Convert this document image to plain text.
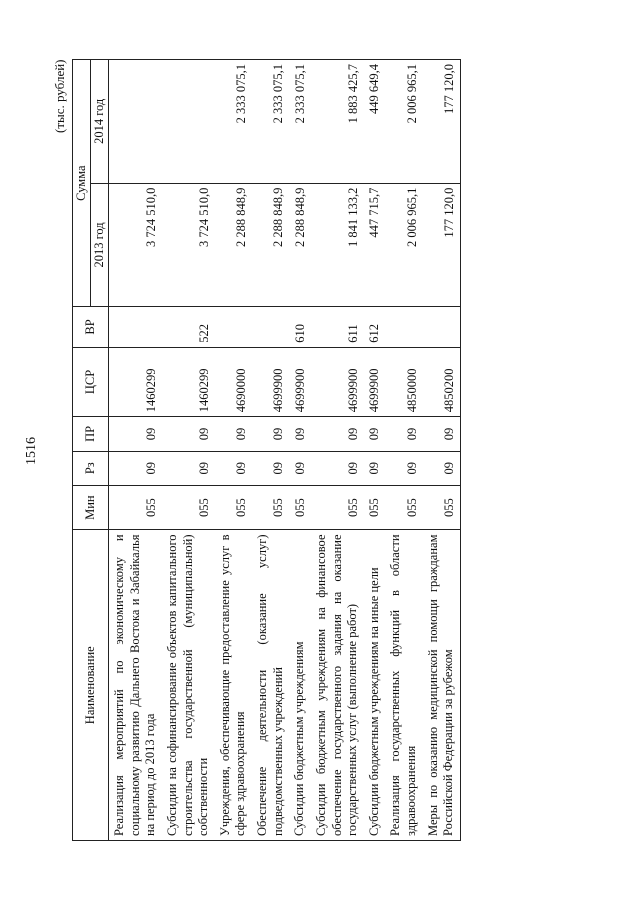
1516
(тыс. рублей)
Наименование	Мин	Рз	ПР	ЦСР	ВР	Сумма	
						2013 год	2014 год
Реализация мероприятий по экономическому и социальному развитию Дальнего Востока и Забайкалья на период до 2013 года	055	09	09	1460299		3 724 510,0	
Субсидии на софинансирование объектов капитального строительства государственной (муниципальной) собственности	055	09	09	1460299	522	3 724 510,0	
Учреждения, обеспечивающие предоставление услуг в сфере здравоохранения	055	09	09	4690000		2 288 848,9	2 333 075,1
Обеспечение деятельности (оказание услуг) подведомственных учреждений	055	09	09	4699900		2 288 848,9	2 333 075,1
Субсидии бюджетным учреждениям	055	09	09	4699900	610	2 288 848,9	2 333 075,1
Субсидии бюджетным учреждениям на финансовое обеспечение государственного задания на оказание государственных услуг (выполнение работ)	055	09	09	4699900	611	1 841 133,2	1 883 425,7
Субсидии бюджетным учреждениям на иные цели	055	09	09	4699900	612	447 715,7	449 649,4
Реализация государственных функций в области здравоохранения	055	09	09	4850000		2 006 965,1	2 006 965,1
Меры по оказанию медицинской помощи гражданам Российской Федерации за рубежом	055	09	09	4850200		177 120,0	177 120,0
